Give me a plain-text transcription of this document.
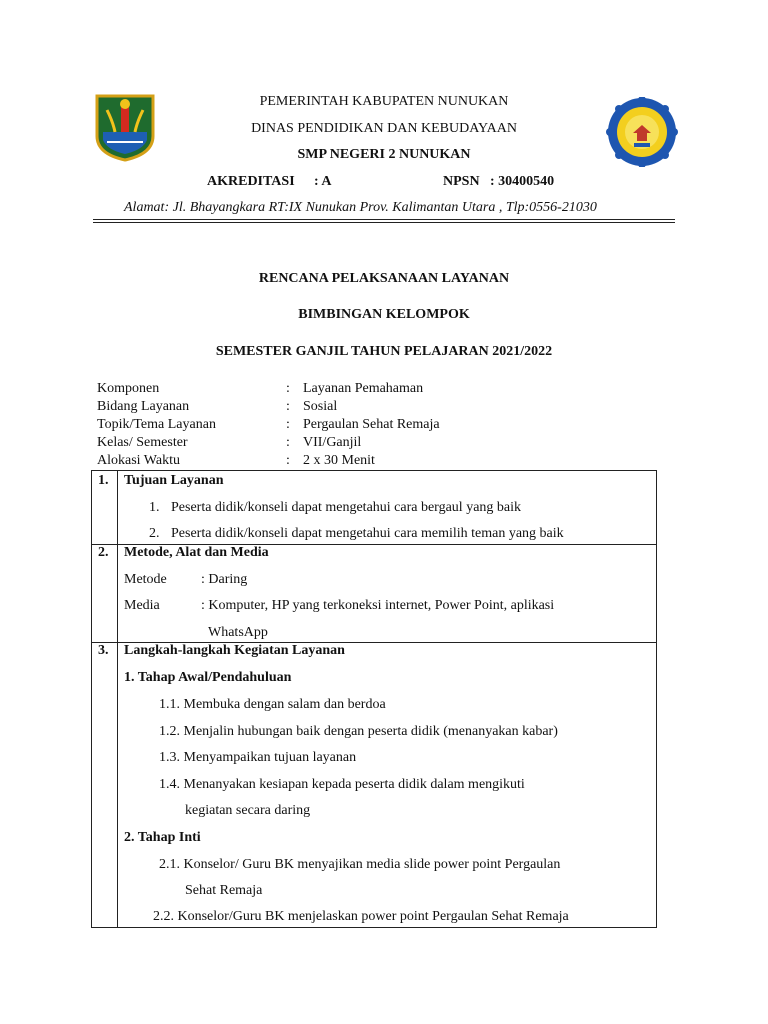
PEMERINTAH KABUPATEN NUNUKAN
DINAS PENDIDIKAN DAN KEBUDAYAAN
SMP NEGERI 2 NUNUKAN
AKREDITASI : A	NPSN : 30400540
Alamat: Jl. Bhayangkara RT:IX Nunukan Prov. Kalimantan Utara , Tlp:0556-21030
RENCANA PELAKSANAAN LAYANAN
BIMBINGAN KELOMPOK
SEMESTER GANJIL TAHUN PELAJARAN 2021/2022
Komponen	: Layanan Pemahaman
Bidang Layanan	: Sosial
Topik/Tema Layanan	: Pergaulan Sehat Remaja
Kelas/ Semester	: VII/Ganjil
Alokasi Waktu	: 2 x 30 Menit
1. Tujuan Layanan
1. Peserta didik/konseli dapat mengetahui cara bergaul yang baik
2. Peserta didik/konseli dapat mengetahui cara memilih teman yang baik
2. Metode, Alat dan Media
Metode : Daring
Media	: Komputer, HP yang terkoneksi internet, Power Point, aplikasi
WhatsApp
3. Langkah-langkah Kegiatan Layanan
1. Tahap Awal/Pendahuluan
1.1. Membuka dengan salam dan berdoa
1.2. Menjalin hubungan baik dengan peserta didik (menanyakan kabar)
1.3. Menyampaikan tujuan layanan
1.4. Menanyakan kesiapan kepada peserta didik dalam mengikuti
kegiatan secara daring
2. Tahap Inti
2.1. Konselor/ Guru BK menyajikan media slide power point Pergaulan
Sehat Remaja
2.2. Konselor/Guru BK menjelaskan power point Pergaulan Sehat Remaja
